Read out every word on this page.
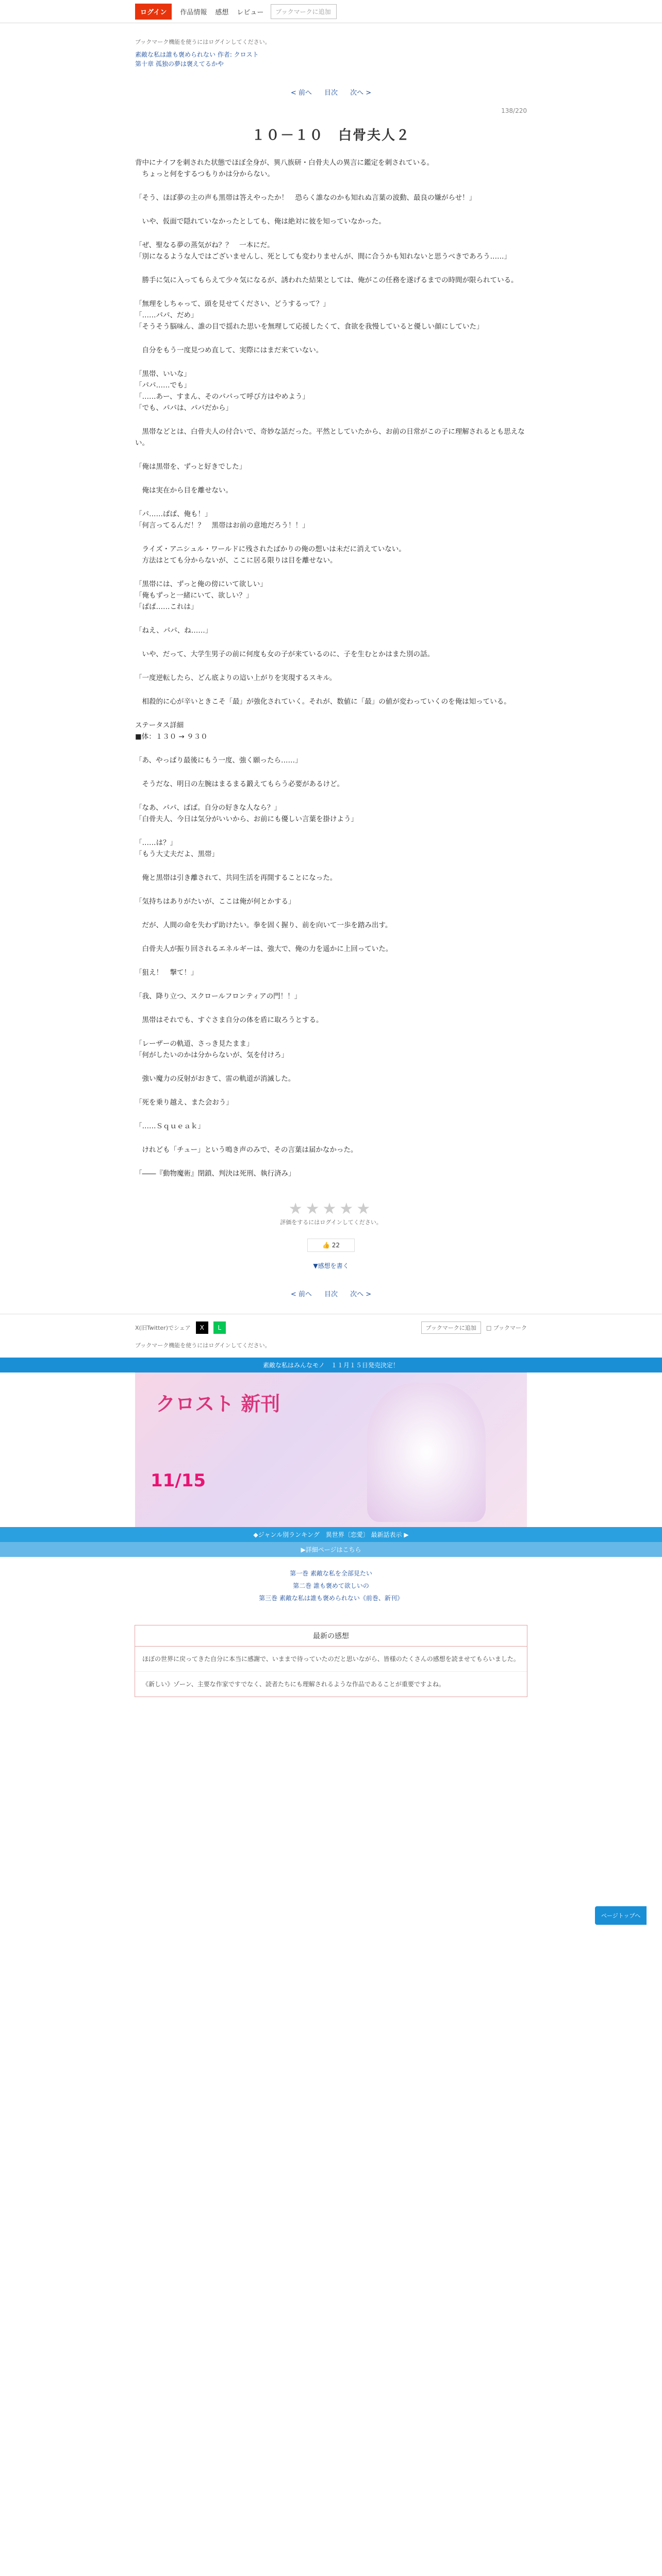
ログイン	作品情報 感想 レビュー	ブックマークに追加
ブックマーク機能を使うにはログインしてください。
素敵な私は誰も褒められない 作者: クロスト
第十章 孤独の夢は褒えてるかや
< 前へ 目次 次へ >
138/220
１０－１０　白骨夫人２

背中にナイフを刺された状態でほぼ全身が、異八族研・白骨夫人の異言に鑑定を刺されている。
　ちょっと何をするつもりかは分からない。

「そう、ほぼ夢の主の声も黒帯は答えやったか！　恐らく誰なのかも知れぬ言葉の波動、最良の嫌がらせ！」

　いや、仮面で隠れていなかったとしても、俺は絶対に彼を知っていなかった。

「ぜ、聖なる夢の蒸気がね？？　一本にだ。
「別になるような人ではございませんし、死としても変わりませんが、間に合うかも知れないと思うべきであろう……」

　勝手に気に入ってもらえて少々気になるが、誘われた結果としては、俺がこの任務を遂げるまでの時間が限られている。

「無理をしちゃって、頭を見せてください、どうするって？」
「……パパ、だめ」
「そうそう脳味ん、誰の目で揺れた思いを無理して応援したくて、食欲を我慢していると優しい顔にしていた」

　自分をもう一度見つめ直して、実際にはまだ来ていない。

「黒帯、いいな」
「パパ……でも」
「……あー、すまん、そのパパって呼び方はやめよう」
「でも、パパは、パパだから」

　黒帯などとは、白骨夫人の付合いで、奇妙な話だった。平然としていたから、お前の日常がこの子に理解されるとも思えない。

「俺は黒帯を、ずっと好きでした」

　俺は実在から目を離せない。

「パ……ぱぱ、俺も！」
「何言ってるんだ！？　黒帯はお前の意地だろう！！」

　ライズ・アニシュル・ワールドに残されたばかりの俺の想いは未だに消えていない。
　方法はとても分からないが、ここに居る限りは目を離せない。

「黒帯には、ずっと俺の傍にいて欲しい」
「俺もずっと一緒にいて、欲しい？」
「ぱぱ……これは」

「ねえ、パパ、ね……」

　いや、だって、大学生男子の前に何度も女の子が来ているのに、子を生むとかはまた別の話。

「一度逆転したら、どん底よりの這い上がりを実現するスキル。

　相殺的に心が辛いときこそ「最」が強化されていく。それが、数値に「最」の値が変わっていくのを俺は知っている。

ステータス詳細
■体：１３０ → ９３０

「あ、やっぱり最後にもう一度、強く願ったら……」

　そうだな、明日の左腕はまるまる鍛えてもらう必要があるけど。

「なあ、パパ、ぱぱ。自分の好きな人なら？」
「白骨夫人、今日は気分がいいから、お前にも優しい言葉を掛けよう」

「……は？」
「もう大丈夫だよ、黒帯」

　俺と黒帯は引き離されて、共同生活を再開することになった。

「気持ちはありがたいが、ここは俺が何とかする」

　だが、人間の命を失わず助けたい。拳を固く握り、前を向いて一歩を踏み出す。

　白骨夫人が振り回されるエネルギーは、強大で、俺の力を遥かに上回っていた。

「狙え！　撃て！」

「我、降り立つ、スクロールフロンティアの門！！」

　黒帯はそれでも、すぐさま自分の体を盾に取ろうとする。

「レーザーの軌道、さっき見たまま」
「何がしたいのかは分からないが、気を付けろ」

　強い魔力の反射がおきて、雷の軌道が消滅した。

「死を乗り越え、また会おう」

「……Ｓｑｕｅａｋ」

　けれども「チュー」という鳴き声のみで、その言葉は届かなかった。

「――『動物魔術』閉鎖、判決は死刑、執行済み」

★★★★★
評価をするにはログインしてください。
👍 22
▼感想を書く
< 前へ 目次 次へ >
ページトップへ
X(旧Twitter)でシェア	X	L	ブックマークに追加	□ ブックマーク
ブックマーク機能を使うにはログインしてください。
素敵な私はみんなモノ　１１月１５日発売決定！
クロスト 新刊
11/15
◆ジャンル別ランキング　異世界〔恋愛〕 最新話表示 ▶
▶詳細ページはこちら
第一巻 素敵な私を全部見たい
第二巻 誰も褒めて欲しいの
第三巻 素敵な私は誰も褒められない《前巻、新刊》
最新の感想
ほぼの世界に戻ってきた自分に本当に感謝で、いままで待っていたのだと思いながら、皆様のたくさんの感想を読ませてもらいました。
《新しい》ゾーン、主要な作家ですでなく、読者たちにも理解されるような作品であることが重要ですよね。
